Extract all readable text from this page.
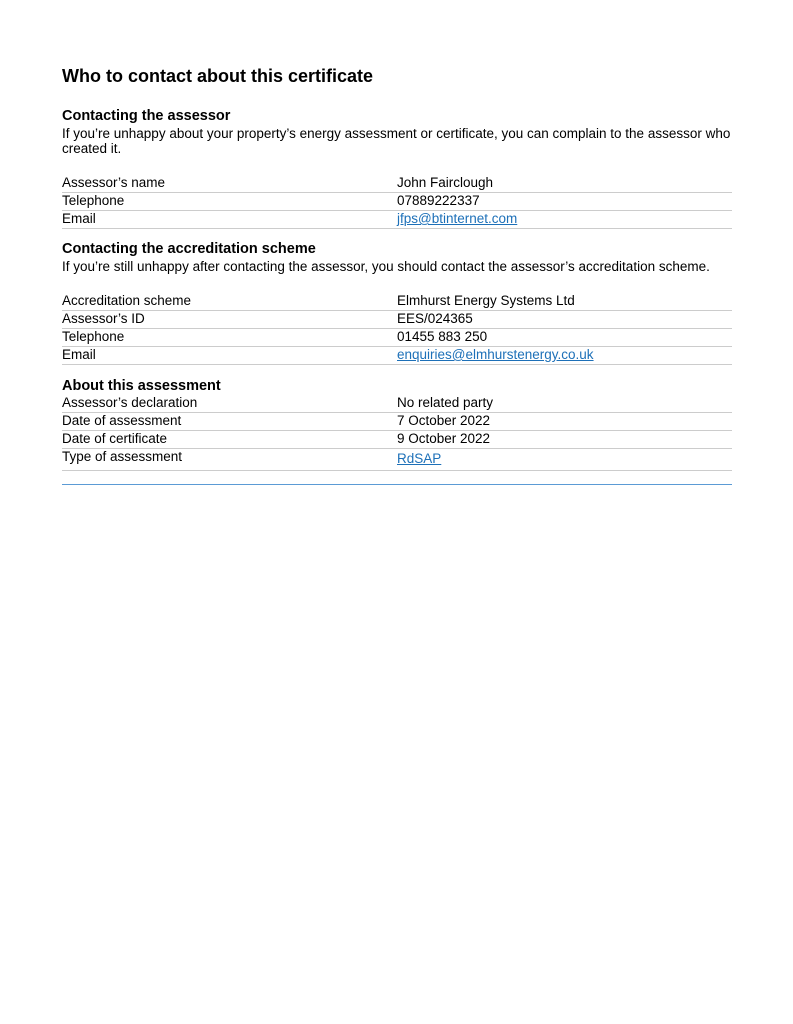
Who to contact about this certificate
Contacting the assessor

If you’re unhappy about your property’s energy assessment or certificate, you can complain to the assessor who created it.

Assessor’s name	John Fairclough
Telephone	07889222337
Email	jfps@btinternet.com
Contacting the accreditation scheme

If you’re still unhappy after contacting the assessor, you should contact the assessor’s accreditation scheme.

Accreditation scheme	Elmhurst Energy Systems Ltd
Assessor’s ID	EES/024365
Telephone	01455 883 250
Email	enquiries@elmhurstenergy.co.uk
About this assessment
Assessor’s declaration	No related party
Date of assessment	7 October 2022
Date of certificate	9 October 2022
Type of assessment	RdSAP
